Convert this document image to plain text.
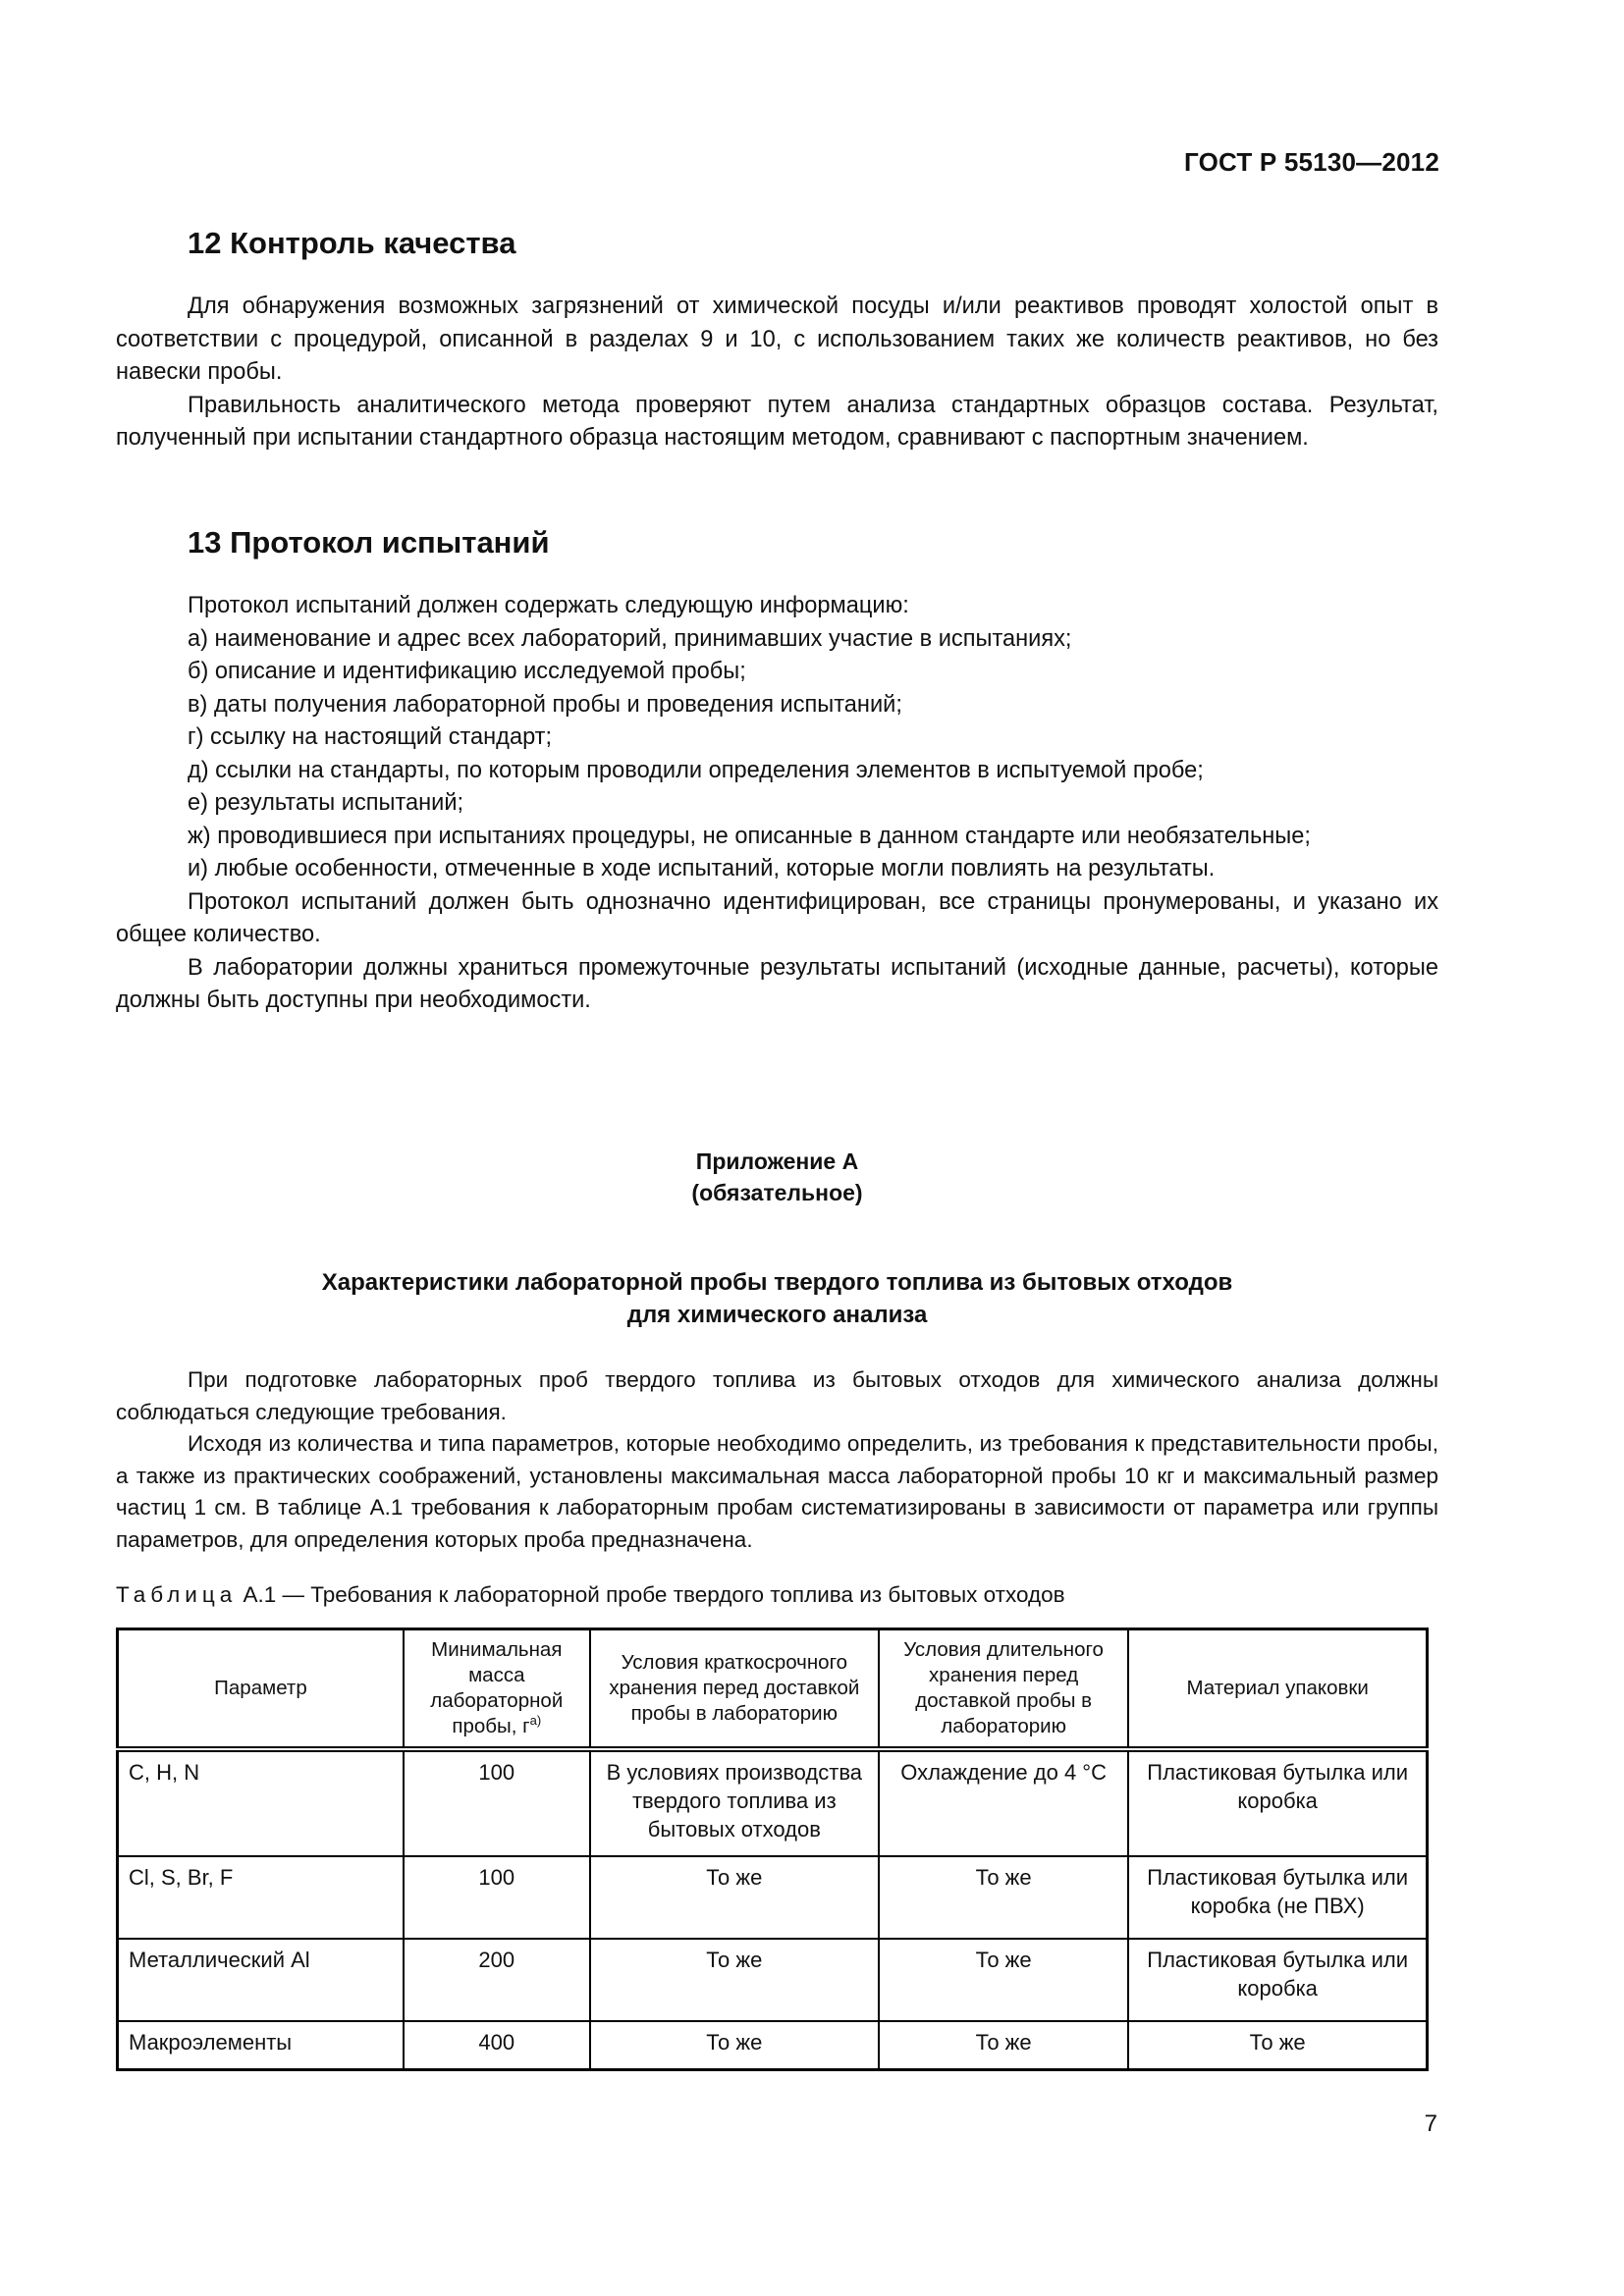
ГОСТ Р 55130—2012
12 Контроль качества

Для обнаружения возможных загрязнений от химической посуды и/или реактивов проводят холостой опыт в соответствии с процедурой, описанной в разделах 9 и 10, с использованием таких же количеств реактивов, но без навески пробы.

Правильность аналитического метода проверяют путем анализа стандартных образцов состава. Результат, полученный при испытании стандартного образца настоящим методом, сравнивают с паспортным значением.

13 Протокол испытаний

Протокол испытаний должен содержать следующую информацию:

а) наименование и адрес всех лабораторий, принимавших участие в испытаниях;

б) описание и идентификацию исследуемой пробы;

в) даты получения лабораторной пробы и проведения испытаний;

г) ссылку на настоящий стандарт;

д) ссылки на стандарты, по которым проводили определения элементов в испытуемой пробе;

е) результаты испытаний;

ж) проводившиеся при испытаниях процедуры, не описанные в данном стандарте или необязательные;

и) любые особенности, отмеченные в ходе испытаний, которые могли повлиять на результаты.

Протокол испытаний должен быть однозначно идентифицирован, все страницы пронумерованы, и указано их общее количество.

В лаборатории должны храниться промежуточные результаты испытаний (исходные данные, расчеты), которые должны быть доступны при необходимости.

Приложение А
(обязательное)
Характеристики лабораторной пробы твердого топлива из бытовых отходов
для химического анализа

При подготовке лабораторных проб твердого топлива из бытовых отходов для химического анализа должны соблюдаться следующие требования.

Исходя из количества и типа параметров, которые необходимо определить, из требования к представительности пробы, а также из практических соображений, установлены максимальная масса лабораторной пробы 10 кг и максимальный размер частиц 1 см. В таблице А.1 требования к лабораторным пробам систематизированы в зависимости от параметра или группы параметров, для определения которых проба предназначена.

Таблица А.1 — Требования к лабораторной пробе твердого топлива из бытовых отходов
Параметр	Минимальная масса лабораторной пробы, $г^{а)}$	Условия краткосрочного хранения перед доставкой пробы в лабораторию	Условия длительного хранения перед доставкой пробы в лабораторию	Материал упаковки
C, H, N	100	В условиях производства твердого топлива из бытовых отходов	Охлаждение до 4 °C	Пластиковая бутылка или коробка
Cl, S, Br, F	100	То же	То же	Пластиковая бутылка или коробка (не ПВХ)
Металлический Al	200	То же	То же	Пластиковая бутылка или коробка
Макроэлементы	400	То же	То же	То же
7
